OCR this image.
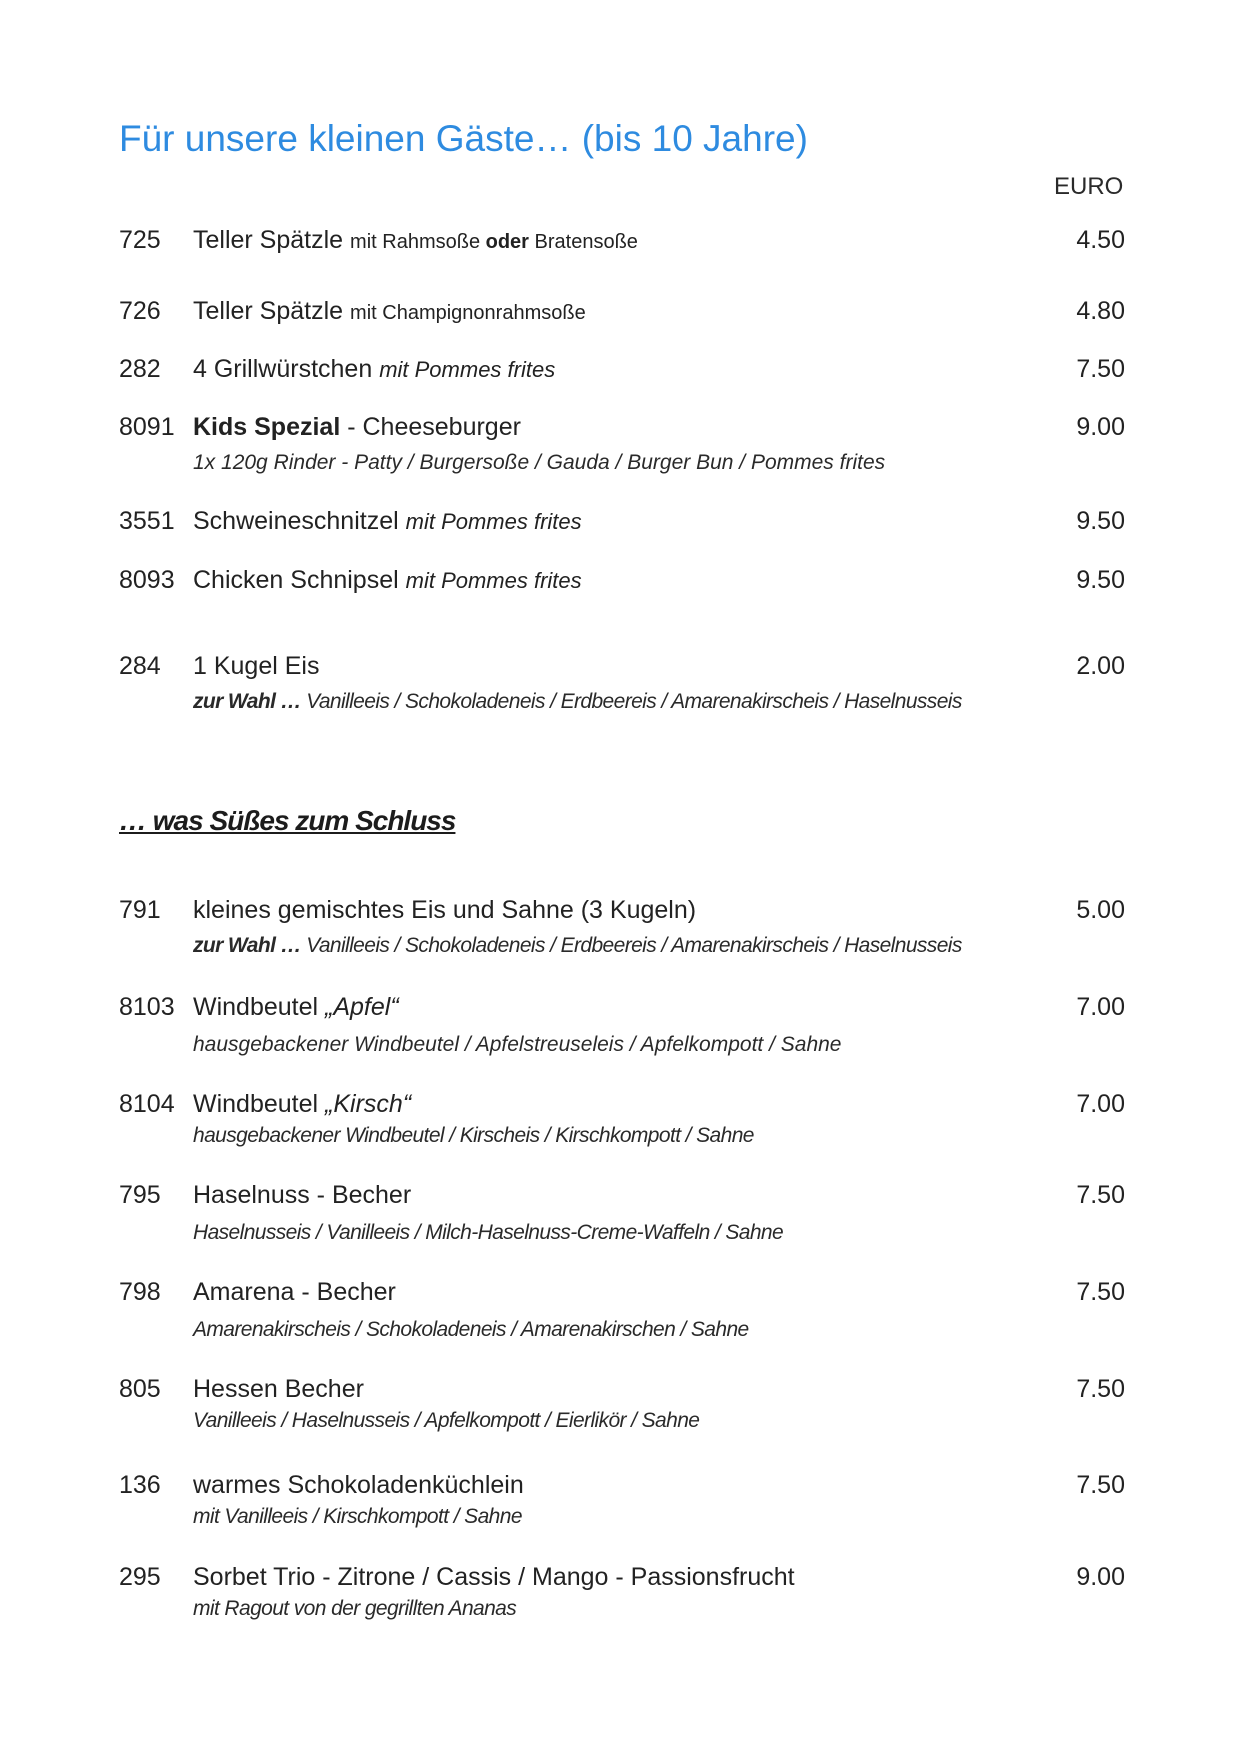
Für unsere kleinen Gäste… (bis 10 Jahre)
EURO
725 Teller Spätzle mit Rahmsoße oder Bratensoße	4.50
726 Teller Spätzle mit Champignonrahmsoße	4.80
282 4 Grillwürstchen mit Pommes frites	7.50
8091 Kids Spezial - Cheeseburger	9.00
1x 120g Rinder - Patty / Burgersoße / Gauda / Burger Bun / Pommes frites
3551 Schweineschnitzel mit Pommes frites	9.50
8093 Chicken Schnipsel mit Pommes frites	9.50
284 1 Kugel Eis	2.00
zur Wahl … Vanilleeis / Schokoladeneis / Erdbeereis / Amarenakirscheis / Haselnusseis
… was Süßes zum Schluss
791 kleines gemischtes Eis und Sahne (3 Kugeln)	5.00
zur Wahl … Vanilleeis / Schokoladeneis / Erdbeereis / Amarenakirscheis / Haselnusseis
8103 Windbeutel „Apfel“	7.00
hausgebackener Windbeutel / Apfelstreuseleis / Apfelkompott / Sahne
8104 Windbeutel „Kirsch“	7.00
hausgebackener Windbeutel / Kirscheis / Kirschkompott / Sahne
795 Haselnuss - Becher	7.50
Haselnusseis / Vanilleeis / Milch-Haselnuss-Creme-Waffeln / Sahne
798 Amarena - Becher	7.50
Amarenakirscheis / Schokoladeneis / Amarenakirschen / Sahne
805 Hessen Becher	7.50
Vanilleeis / Haselnusseis / Apfelkompott / Eierlikör / Sahne
136 warmes Schokoladenküchlein	7.50
mit Vanilleeis / Kirschkompott / Sahne
295 Sorbet Trio - Zitrone / Cassis / Mango - Passionsfrucht	9.00
mit Ragout von der gegrillten Ananas
